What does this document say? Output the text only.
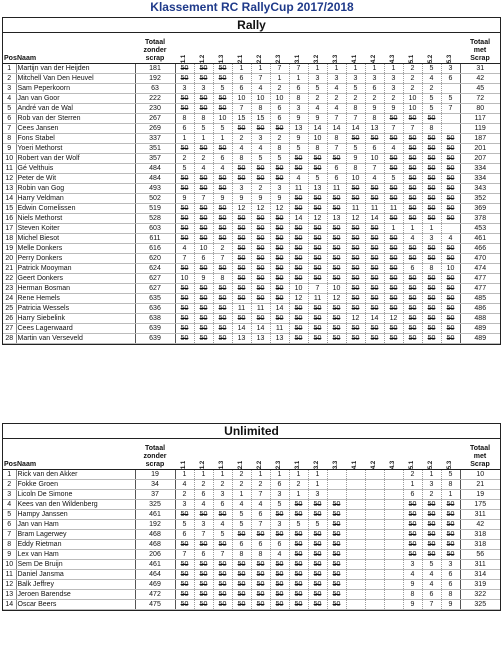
Klassement RC RallyCup 2017/2018
Rally
Pos	Naam	Totaal
zonder
scrap	1.1	1.2	1.3	2.1	2.2	2.3	3.1	3.2	3.3	4.1	4.2	4.3	5.1	5.2	5.3	Totaal
met
Scrap
1	Martijn van der Heijden	181	50	50	50	1	1	7	7	1	1	1	1	1	2	5	3	31
2	Mitchell Van Den Heuvel	192	50	50	50	6	7	1	1	3	3	3	3	3	2	4	6	42
3	Sam Peperkoorn	63	3	3	5	6	4	2	6	5	4	5	6	3	2	2		45
4	Jan van Goor	222	50	50	50	10	10	10	8	2	2	2	2	2	10	5	5	72
5	André van de Wal	230	50	50	50	7	8	6	3	4	4	8	9	9	10	5	7	80
6	Rob van der Sterren	267	8	8	10	15	15	6	9	9	7	7	8	50	50	50		117
7	Cees Jansen	269	6	5	5	50	50	50	13	14	14	14	13	7	7	8		119
8	Fons Stabel	337	1	1	1	2	3	2	9	10	8	50	50	50	50	50	50	187
9	Yoeri Methorst	351	50	50	50	4	4	8	5	8	7	5	6	4	50	50	50	201
10	Robert van der Wolf	357	2	2	6	8	5	5	50	50	50	9	10	50	50	50	50	207
11	Gé Velthuis	484	5	4	4	50	50	50	50	50	6	8	7	50	50	50	50	334
12	Peter de Wit	484	50	50	50	50	50	50	4	5	6	10	4	5	50	50	50	334
13	Robin van Gog	493	50	50	50	3	2	3	11	13	11	50	50	50	50	50	50	343
14	Harry Veldman	502	9	7	9	9	9	9	50	50	50	50	50	50	50	50	50	352
15	Edwin Cornelissen	519	50	50	50	12	12	12	50	50	50	11	11	11	50	50	50	369
16	Niels Methorst	528	50	50	50	50	50	50	14	12	13	12	14	50	50	50	50	378
17	Steven Koiter	603	50	50	50	50	50	50	50	50	50	50	50	1	1	1		453
18	Michel Biesot	611	50	50	50	50	50	50	50	50	50	50	50	50	4	3	4	461
19	Melle Donkers	616	4	10	2	50	50	50	50	50	50	50	50	50	50	50	50	466
20	Perry Donkers	620	7	6	7	50	50	50	50	50	50	50	50	50	50	50	50	470
21	Patrick Mooyman	624	50	50	50	50	50	50	50	50	50	50	50	50	6	8	10	474
22	Geert Donkers	627	10	9	8	50	50	50	50	50	50	50	50	50	50	50	50	477
23	Herman Bosman	627	50	50	50	50	50	50	10	7	10	50	50	50	50	50	50	477
24	Rene Hemels	635	50	50	50	50	50	50	12	11	12	50	50	50	50	50	50	485
25	Patricia Wessels	636	50	50	50	11	11	14	50	50	50	50	50	50	50	50	50	486
26	Harry Siebelink	638	50	50	50	50	50	50	50	50	50	12	14	12	50	50	50	488
27	Cees Lagerwaard	639	50	50	50	14	14	11	50	50	50	50	50	50	50	50	50	489
28	Martin van Verseveld	639	50	50	50	13	13	13	50	50	50	50	50	50	50	50	50	489
Unlimited
Pos	Naam	Totaal
zonder
scrap	1.1	1.2	1.3	2.1	2.2	2.3	3.1	3.2	3.3	4.1	4.2	4.3	5.1	5.2	5.3	Totaal
met
Scrap
1	Rick van den Akker	19	1	1	1	2	1	1	1	1					2	1	5	10
2	Fokke Groen	34	4	2	2	2	2	6	2	1					1	3	8	21
3	Licoln De Simone	37	2	6	3	1	7	3	1	3					6	2	1	19
4	Kees van den Wildenberg	325	3	4	6	4	4	5	50	50	50				50	50	50	175
5	Hampy Janssen	461	50	50	50	5	6	50	50	50	50				50	50	50	311
6	Jan van Ham	192	5	3	4	5	7	3	5	5	50				50	50	50	42
7	Bram Lagerwey	468	6	7	5	50	50	50	50	50	50				50	50	50	318
8	Eddy Rietman	468	50	50	50	6	6	6	50	50	50				50	50	50	318
9	Lex van Ham	206	7	6	7	8	8	4	50	50	50				50	50	50	56
10	Sem De Bruijn	461	50	50	50	50	50	50	50	50	50				3	5	3	311
11	Daniel Jansma	464	50	50	50	50	50	50	50	50	50				4	4	6	314
12	Balk Jeffrey	469	50	50	50	50	50	50	50	50	50				9	4	6	319
13	Jeroen Barendse	472	50	50	50	50	50	50	50	50	50				8	6	8	322
14	Oscar Beers	475	50	50	50	50	50	50	50	50	50				9	7	9	325
